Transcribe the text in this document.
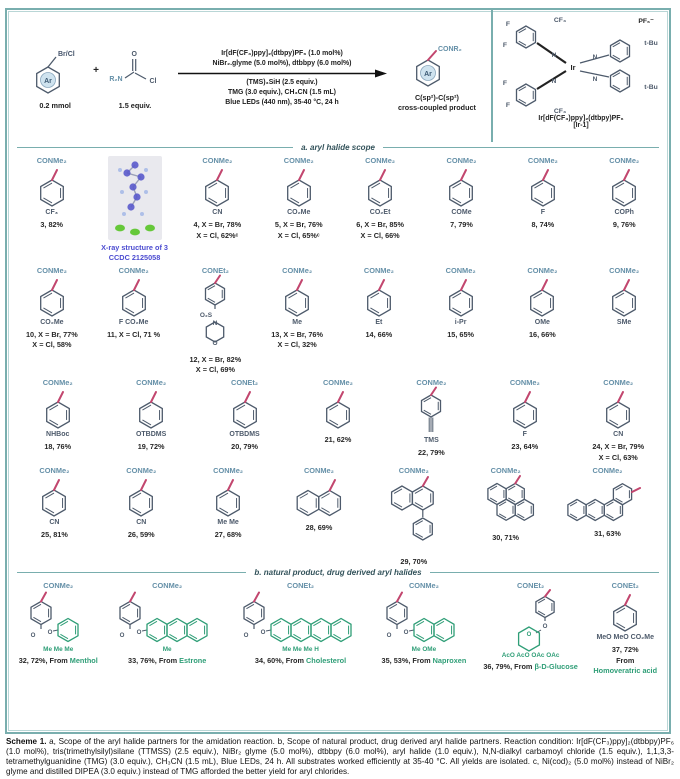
Ar
Br/Cl
0.2 mmol
+
R₂N
O
Cl
1.5 equiv.
Ir[dF(CF₃)ppy]₂(dtbpy)PF₆ (1.0 mol%)
NiBr₂.glyme (5.0 mol%), dtbbpy (6.0 mol%)
(TMS)₃SiH (2.5 equiv.)
TMG (3.0 equiv.), CH₃CN (1.5 mL)
Blue LEDs (440 nm), 35-40 °C, 24 h
Ar
CONR₂
C(sp²)-C(sp²)
cross-coupled product
Ir
N
N
N
N
CF₃
CF₃
PF₆⁻
F
F
F
F
t-Bu
t-Bu
Ir[dF(CF₃)ppy]₂(dtbpy)PF₆
[Ir-1]
a. aryl halide scope
CONMe₂
CF₃
3, 82%
X-ray structure of 3
CCDC 2125058
CONMe₂
CN
4, X = Br, 78%
X = Cl, 62%ᶜ
CONMe₂
CO₂Me
5, X = Br, 76%
X = Cl, 65%ᶜ
CONMe₂
CO₂Et
6, X = Br, 85%
X = Cl, 66%
CONMe₂
COMe
7, 79%
CONMe₂
F
8, 74%
CONMe₂
COPh
9, 76%
CONMe₂
CO₂Me
10, X = Br, 77%
X = Cl, 58%
CONMe₂
F CO₂Me
11, X = Cl, 71 %
CONEt₂
O₂S
N
O
12, X = Br, 82%
X = Cl, 69%
CONMe₂
Me
13, X = Br, 76%
X = Cl, 32%
CONMe₂
Et
14, 66%
CONMe₂
i-Pr
15, 65%
CONMe₂
OMe
16, 66%
CONMe₂
SMe
CONMe₂
NHBoc
18, 76%
CONMe₂
OTBDMS
19, 72%
CONEt₂
OTBDMS
20, 79%
CONMe₂
21, 62%
CONMe₂
TMS
22, 79%
CONMe₂
F
23, 64%
CONMe₂
CN
24, X = Br, 79%
X = Cl, 63%
CONMe₂
CN
25, 81%
CONMe₂
CN
26, 59%
CONMe₂
Me Me
27, 68%
CONMe₂
28, 69%
CONMe₂
29, 70%
CONMe₂
30, 71%
CONMe₂
31, 63%
b. natural product, drug derived aryl halides
CONMe₂
O O
Me Me Me
32, 72%, From Menthol
CONMe₂
O O
Me
33, 76%, From Estrone
CONEt₂
O O
Me Me Me H
34, 60%, From Cholesterol
CONMe₂
O O
Me OMe
35, 53%, From Naproxen
CONEt₂
O
O
AcO AcO OAc OAc
36, 79%, From β-D-Glucose
CONEt₂
MeO MeO CO₂Me
37, 72%
From
Homoveratric acid

Scheme 1. a, Scope of the aryl halide partners for the amidation reaction. b, Scope of natural product, drug derived aryl halide partners. Reaction condition: Ir[dF(CF₃)ppy]₂(dtbbpy)PF₆ (1.0 mol%), tris(trimethylsilyl)silane (TTMSS) (2.5 equiv.), NiBr₂ glyme (5.0 mol%), dtbbpy (6.0 mol%), aryl halide (1.0 equiv.), N,N-dialkyl carbamoyl chloride (1.5 equiv.), 1,1,3,3-tetramethylguanidine (TMG) (3.0 equiv.), CH₃CN (1.5 mL), Blue LEDs, 24 h. All substrates worked efficiently at 35-40 °C. All yields are isolated. c, Ni(cod)₂ (5.0 mol%) instead of NiBr₂ glyme and distilled DIPEA (3.0 equiv.) instead of TMG afforded the better yield for aryl chlorides.
